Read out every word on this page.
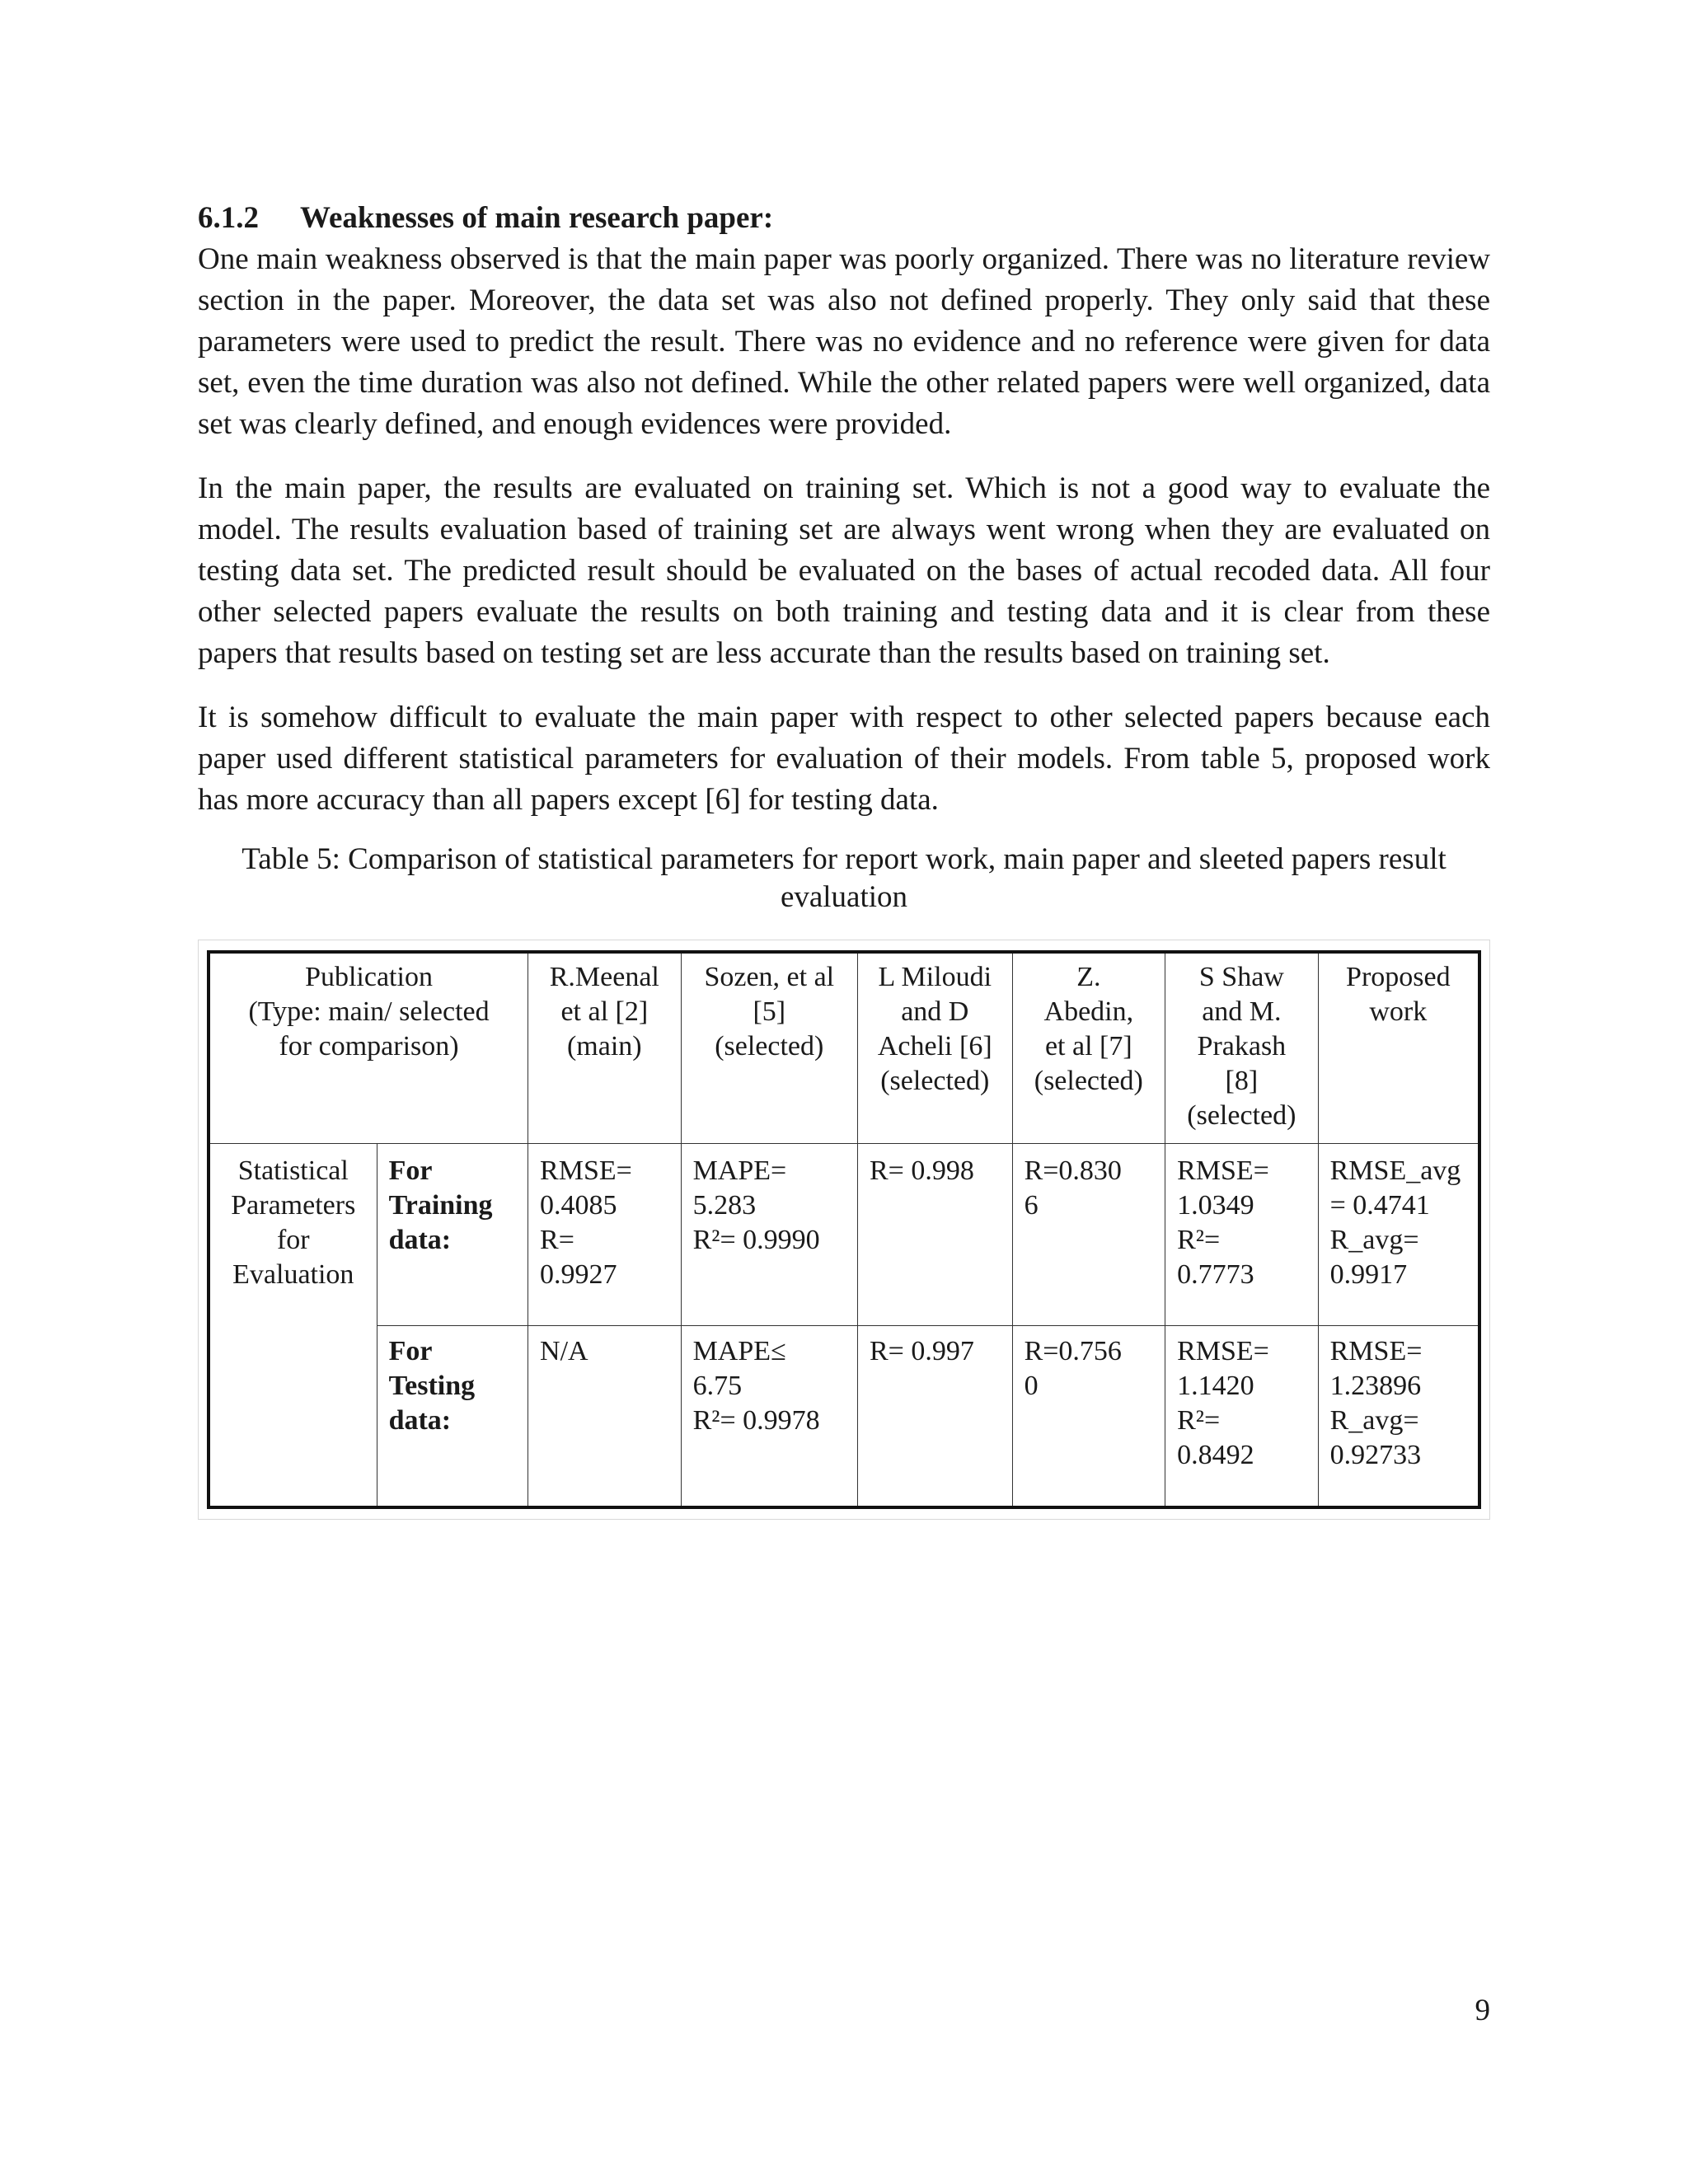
6.1.2 Weaknesses of main research paper:

One main weakness observed is that the main paper was poorly organized. There was no literature review section in the paper. Moreover, the data set was also not defined properly. They only said that these parameters were used to predict the result. There was no evidence and no reference were given for data set, even the time duration was also not defined. While the other related papers were well organized, data set was clearly defined, and enough evidences were provided.

In the main paper, the results are evaluated on training set. Which is not a good way to evaluate the model. The results evaluation based of training set are always went wrong when they are evaluated on testing data set. The predicted result should be evaluated on the bases of actual recoded data. All four other selected papers evaluate the results on both training and testing data and it is clear from these papers that results based on testing set are less accurate than the results based on training set.

It is somehow difficult to evaluate the main paper with respect to other selected papers because each paper used different statistical parameters for evaluation of their models. From table 5, proposed work has more accuracy than all papers except [6] for testing data.

Table 5: Comparison of statistical parameters for report work, main paper and sleeted papers result evaluation
Publication
(Type: main/ selected
for comparison)		R.Meenal
et al [2]
(main)	Sozen, et al
[5]
(selected)	L Miloudi
and D
Acheli [6]
(selected)	Z.
Abedin,
et al [7]
(selected)	S Shaw
and M.
Prakash
[8]
(selected)	Proposed
work
Statistical
Parameters
for
Evaluation	For
Training
data:	RMSE=
0.4085
R=
0.9927	MAPE=
5.283
R²= 0.9990	R= 0.998	R=0.830
6	RMSE=
1.0349
R²=
0.7773	RMSE_avg
= 0.4741
R_avg=
0.9917
	For
Testing
data:	N/A	MAPE≤
6.75
R²= 0.9978	R= 0.997	R=0.756
0	RMSE=
1.1420
R²=
0.8492	RMSE=
1.23896
R_avg=
0.92733
9
